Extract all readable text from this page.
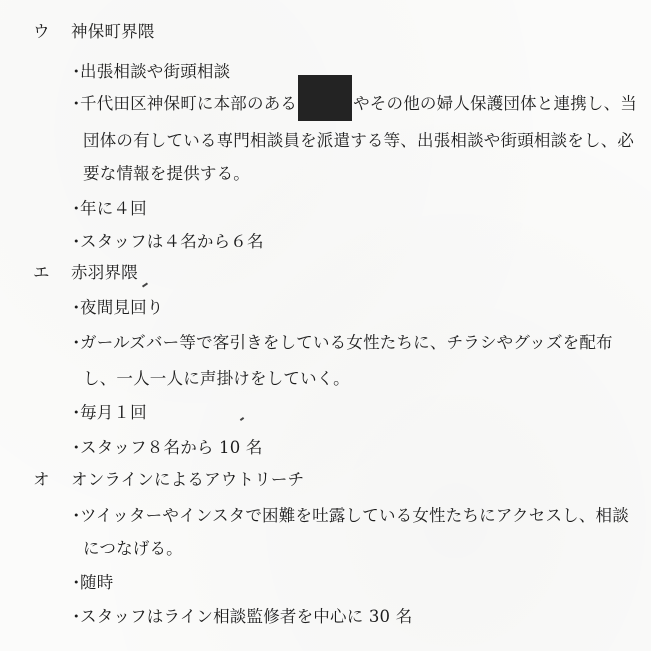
ウ 神保町界隈
・出張相談や街頭相談
・千代田区神保町に本部のある	やその他の婦人保護団体と連携し、当
団体の有している専門相談員を派遣する等、出張相談や街頭相談をし、必
要な情報を提供する。
・年に４回
・スタッフは４名から６名
エ 赤羽界隈
・夜間見回り
・ガールズバー等で客引きをしている女性たちに、チラシやグッズを配布
し、一人一人に声掛けをしていく。
・毎月１回
・スタッフ８名から 10 名
オ オンラインによるアウトリーチ
・ツイッターやインスタで困難を吐露している女性たちにアクセスし、相談
につなげる。
・随時
・スタッフはライン相談監修者を中心に 30 名
